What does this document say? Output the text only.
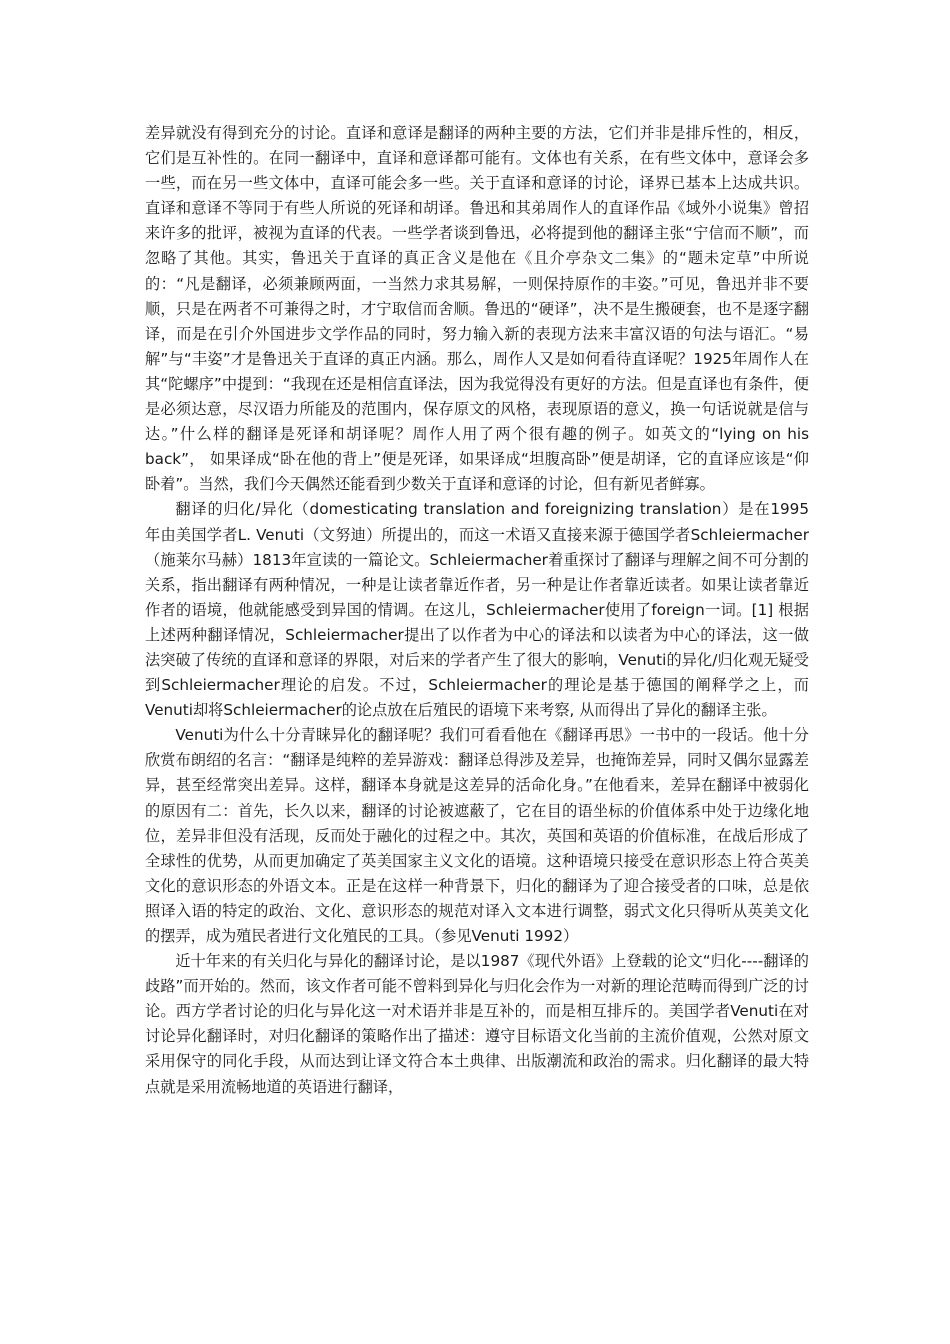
差异就没有得到充分的讨论。直译和意译是翻译的两种主要的方法，它们并非是排斥性的，相反，它们是互补性的。在同一翻译中，直译和意译都可能有。文体也有关系，在有些文体中，意译会多一些，而在另一些文体中，直译可能会多一些。关于直译和意译的讨论，译界已基本上达成共识。直译和意译不等同于有些人所说的死译和胡译。鲁迅和其弟周作人的直译作品《域外小说集》曾招来许多的批评，被视为直译的代表。一些学者谈到鲁迅，必将提到他的翻译主张“宁信而不顺”，而忽略了其他。其实，鲁迅关于直译的真正含义是他在《且介亭杂文二集》的“题未定草”中所说的：“凡是翻译，必须兼顾两面，一当然力求其易解，一则保持原作的丰姿。”可见，鲁迅并非不要顺，只是在两者不可兼得之时，才宁取信而舍顺。鲁迅的“硬译”，决不是生搬硬套，也不是逐字翻译，而是在引介外国进步文学作品的同时，努力输入新的表现方法来丰富汉语的句法与语汇。“易解”与“丰姿”才是鲁迅关于直译的真正内涵。那么，周作人又是如何看待直译呢？1925年周作人在其“陀螺序”中提到：“我现在还是相信直译法，因为我觉得没有更好的方法。但是直译也有条件，便是必须达意，尽汉语力所能及的范围内，保存原文的风格，表现原语的意义，换一句话说就是信与达。”什么样的翻译是死译和胡译呢？周作人用了两个很有趣的例子。如英文的“lying on his back”， 如果译成“卧在他的背上”便是死译，如果译成“坦腹高卧”便是胡译，它的直译应该是“仰卧着”。当然，我们今天偶然还能看到少数关于直译和意译的讨论，但有新见者鲜寡。

翻译的归化/异化（domesticating translation and foreignizing translation）是在1995年由美国学者L. Venuti（文努迪）所提出的，而这一术语又直接来源于德国学者Schleiermacher （施莱尔马赫）1813年宣读的一篇论文。Schleiermacher着重探讨了翻译与理解之间不可分割的关系，指出翻译有两种情况，一种是让读者靠近作者，另一种是让作者靠近读者。如果让读者靠近作者的语境，他就能感受到异国的情调。在这儿，Schleiermacher使用了foreign一词。[1] 根据上述两种翻译情况，Schleiermacher提出了以作者为中心的译法和以读者为中心的译法，这一做法突破了传统的直译和意译的界限，对后来的学者产生了很大的影响，Venuti的异化/归化观无疑受到Schleiermacher理论的启发。不过，Schleiermacher的理论是基于德国的阐释学之上，而Venuti却将Schleiermacher的论点放在后殖民的语境下来考察, 从而得出了异化的翻译主张。

Venuti为什么十分青睐异化的翻译呢？我们可看看他在《翻译再思》一书中的一段话。他十分欣赏布朗绍的名言：“翻译是纯粹的差异游戏：翻译总得涉及差异，也掩饰差异，同时又偶尔显露差异，甚至经常突出差异。这样，翻译本身就是这差异的活命化身。”在他看来，差异在翻译中被弱化的原因有二：首先，长久以来，翻译的讨论被遮蔽了，它在目的语坐标的价值体系中处于边缘化地位，差异非但没有活现，反而处于融化的过程之中。其次，英国和英语的价值标准，在战后形成了全球性的优势，从而更加确定了英美国家主义文化的语境。这种语境只接受在意识形态上符合英美文化的意识形态的外语文本。正是在这样一种背景下，归化的翻译为了迎合接受者的口味，总是依照译入语的特定的政治、文化、意识形态的规范对译入文本进行调整，弱式文化只得听从英美文化的摆弄，成为殖民者进行文化殖民的工具。（参见Venuti 1992）

近十年来的有关归化与异化的翻译讨论，是以1987《现代外语》上登载的论文“归化----翻译的歧路”而开始的。然而，该文作者可能不曾料到异化与归化会作为一对新的理论范畴而得到广泛的讨论。西方学者讨论的归化与异化这一对术语并非是互补的，而是相互排斥的。美国学者Venuti在对讨论异化翻译时，对归化翻译的策略作出了描述：遵守目标语文化当前的主流价值观，公然对原文采用保守的同化手段，从而达到让译文符合本土典律、出版潮流和政治的需求。归化翻译的最大特点就是采用流畅地道的英语进行翻译，
